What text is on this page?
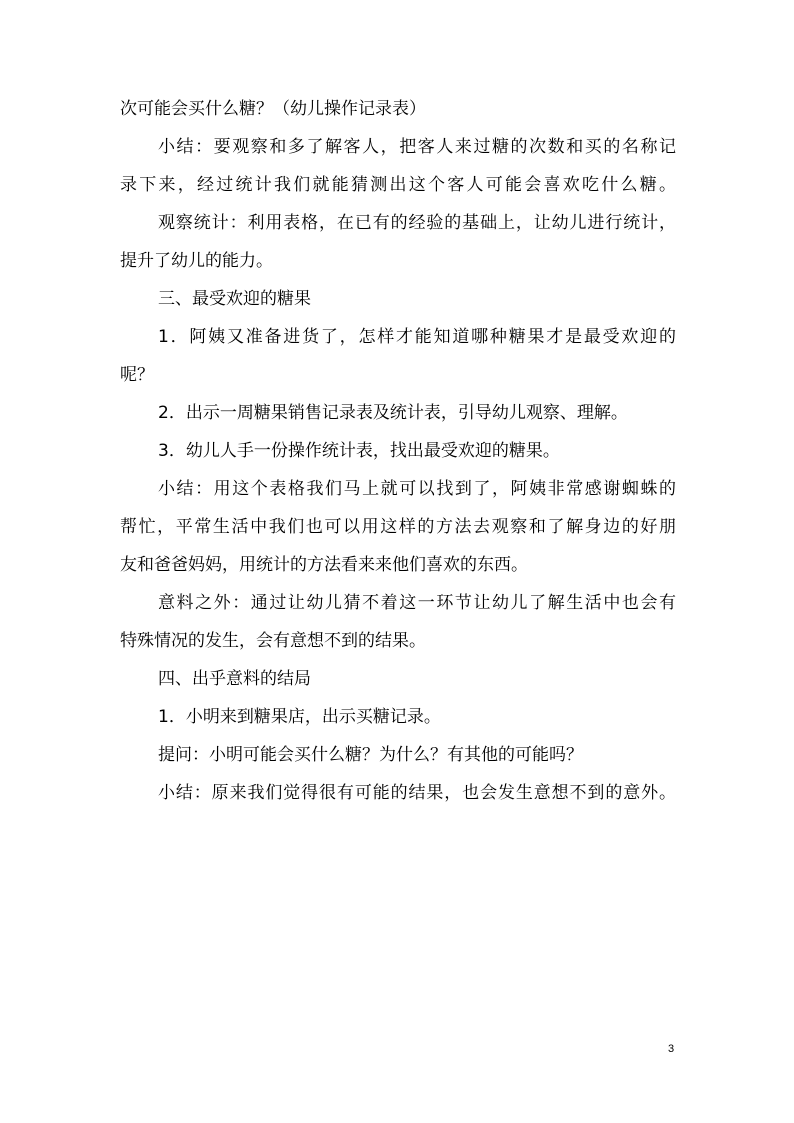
次可能会买什么糖？（幼儿操作记录表）

小结：要观察和多了解客人，把客人来过糖的次数和买的名称记

录下来，经过统计我们就能猜测出这个客人可能会喜欢吃什么糖。

观察统计：利用表格，在已有的经验的基础上，让幼儿进行统计，

提升了幼儿的能力。

三、最受欢迎的糖果

1．阿姨又准备进货了，怎样才能知道哪种糖果才是最受欢迎的

呢？

2．出示一周糖果销售记录表及统计表，引导幼儿观察、理解。

3．幼儿人手一份操作统计表，找出最受欢迎的糖果。

小结：用这个表格我们马上就可以找到了，阿姨非常感谢蜘蛛的

帮忙，平常生活中我们也可以用这样的方法去观察和了解身边的好朋

友和爸爸妈妈，用统计的方法看来来他们喜欢的东西。

意料之外：通过让幼儿猜不着这一环节让幼儿了解生活中也会有

特殊情况的发生，会有意想不到的结果。

四、出乎意料的结局

1．小明来到糖果店，出示买糖记录。

提问：小明可能会买什么糖？为什么？有其他的可能吗？

小结：原来我们觉得很有可能的结果，也会发生意想不到的意外。

3
